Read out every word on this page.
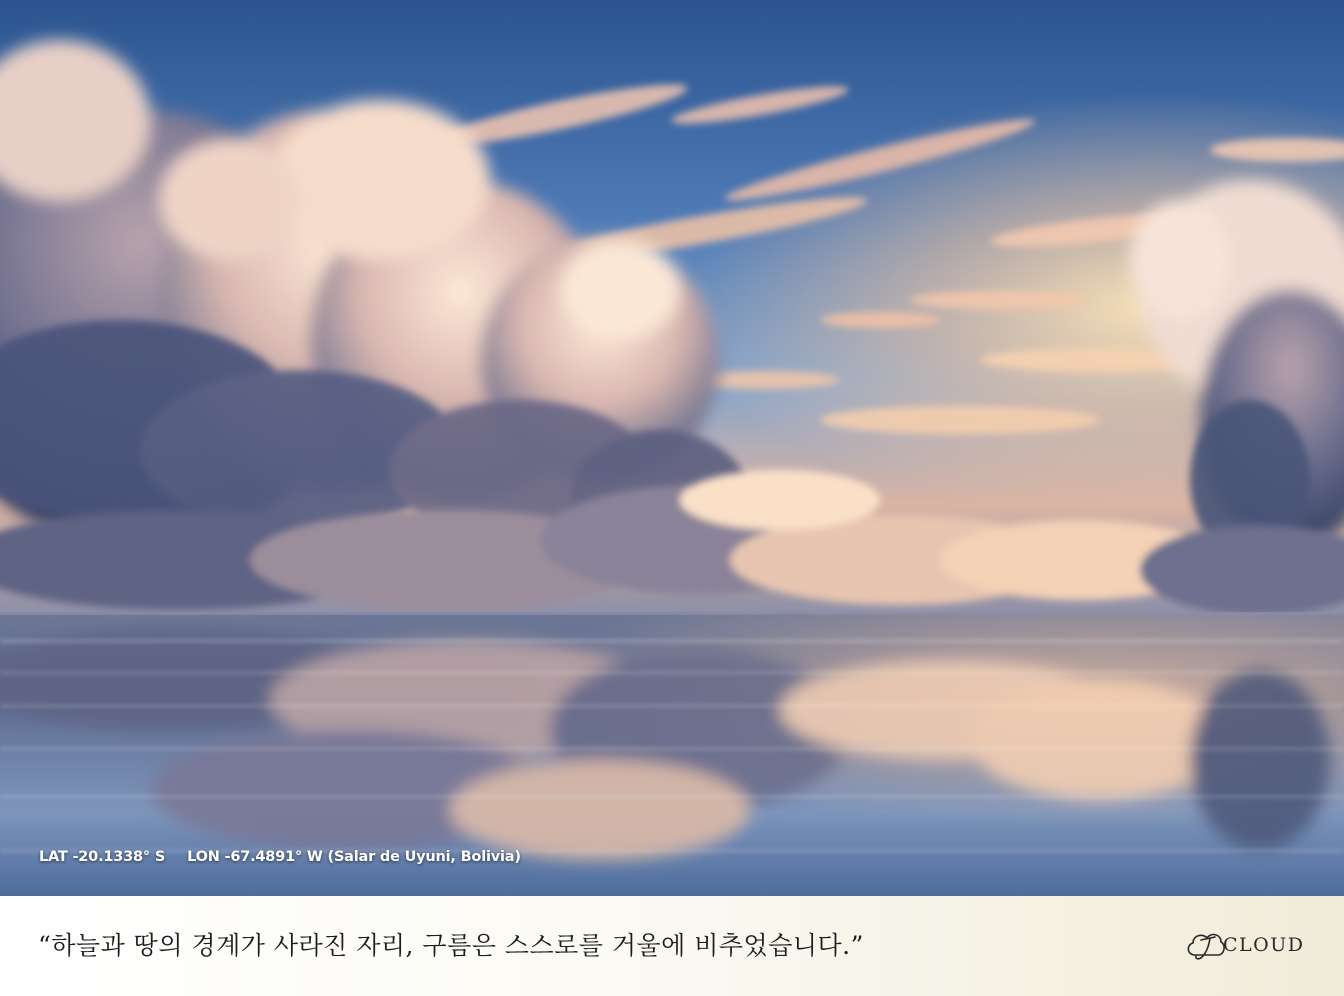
LAT -20.1338° S LON -67.4891° W (Salar de Uyuni, Bolivia)
“하늘과 땅의 경계가 사라진 자리, 구름은 스스로를 거울에 비추었습니다.”	CLOUD
